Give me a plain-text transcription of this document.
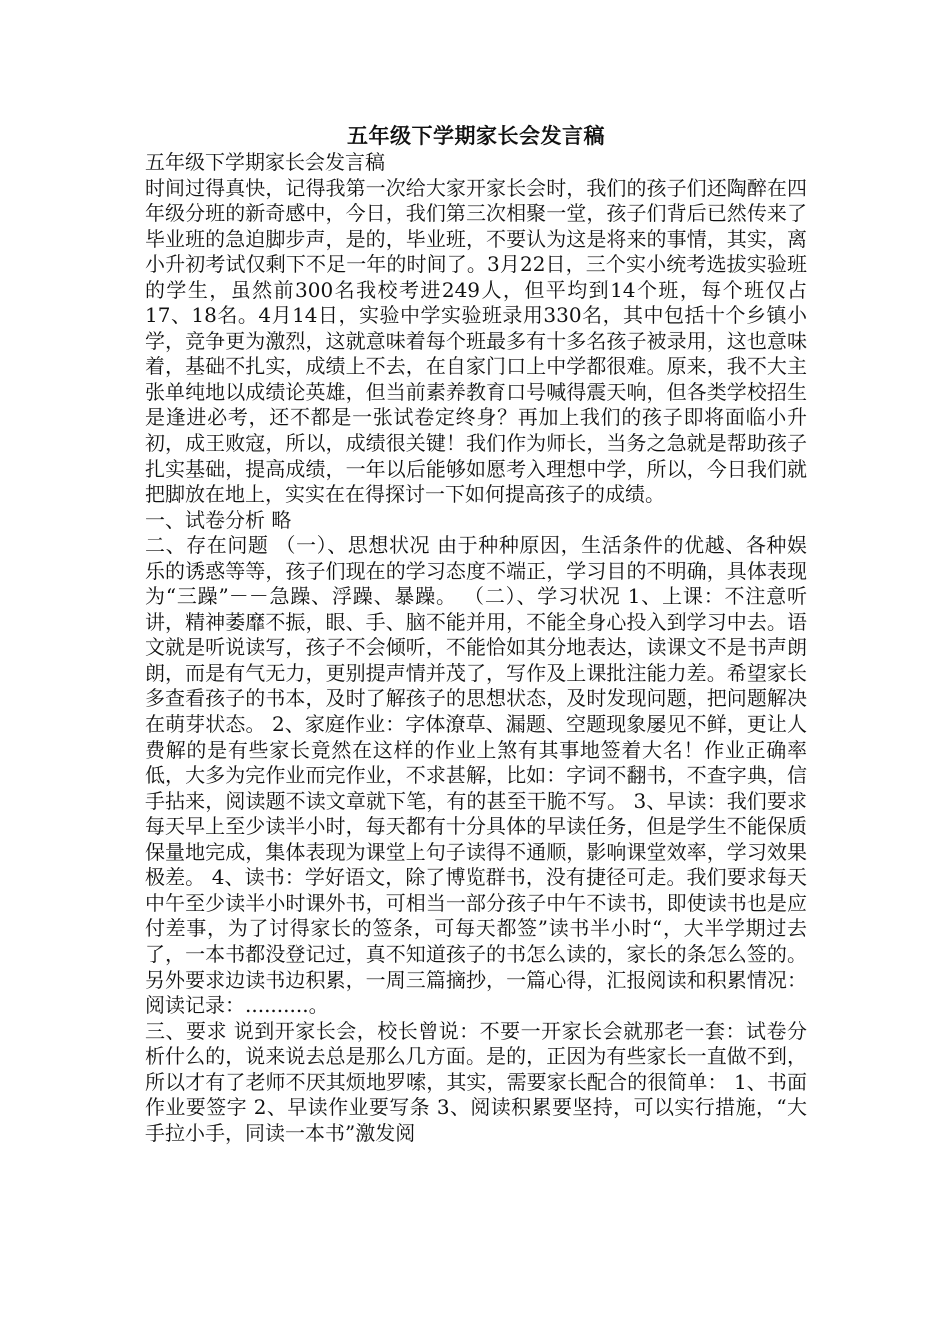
五年级下学期家长会发言稿

五年级下学期家长会发言稿

时间过得真快，记得我第一次给大家开家长会时，我们的孩子们还陶醉在四年级分班的新奇感中，今日，我们第三次相聚一堂，孩子们背后已然传来了毕业班的急迫脚步声，是的，毕业班，不要认为这是将来的事情，其实，离小升初考试仅剩下不足一年的时间了。3月22日，三个实小统考选拔实验班的学生，虽然前300名我校考进249人，但平均到14个班，每个班仅占17、18名。4月14日，实验中学实验班录用330名，其中包括十个乡镇小学，竞争更为激烈，这就意味着每个班最多有十多名孩子被录用，这也意味着，基础不扎实，成绩上不去，在自家门口上中学都很难。原来，我不大主张单纯地以成绩论英雄，但当前素养教育口号喊得震天响，但各类学校招生是逢进必考，还不都是一张试卷定终身？再加上我们的孩子即将面临小升初，成王败寇，所以，成绩很关键！我们作为师长，当务之急就是帮助孩子扎实基础，提高成绩，一年以后能够如愿考入理想中学，所以，今日我们就把脚放在地上，实实在在得探讨一下如何提高孩子的成绩。

一、试卷分析 略

二、存在问题 （一）、思想状况 由于种种原因，生活条件的优越、各种娱乐的诱惑等等，孩子们现在的学习态度不端正，学习目的不明确，具体表现为“三躁”－－急躁、浮躁、暴躁。 （二）、学习状况 1、上课：不注意听讲，精神萎靡不振，眼、手、脑不能并用，不能全身心投入到学习中去。语文就是听说读写，孩子不会倾听，不能恰如其分地表达，读课文不是书声朗朗，而是有气无力，更别提声情并茂了，写作及上课批注能力差。希望家长多查看孩子的书本，及时了解孩子的思想状态，及时发现问题，把问题解决在萌芽状态。 2、家庭作业：字体潦草、漏题、空题现象屡见不鲜，更让人费解的是有些家长竟然在这样的作业上煞有其事地签着大名！作业正确率低，大多为完作业而完作业，不求甚解，比如：字词不翻书，不查字典，信手拈来，阅读题不读文章就下笔，有的甚至干脆不写。 3、早读：我们要求每天早上至少读半小时，每天都有十分具体的早读任务，但是学生不能保质保量地完成，集体表现为课堂上句子读得不通顺，影响课堂效率，学习效果极差。 4、读书：学好语文，除了博览群书，没有捷径可走。我们要求每天中午至少读半小时课外书，可相当一部分孩子中午不读书，即使读书也是应付差事，为了讨得家长的签条，可每天都签”读书半小时“，大半学期过去了，一本书都没登记过，真不知道孩子的书怎么读的，家长的条怎么签的。另外要求边读书边积累，一周三篇摘抄，一篇心得，汇报阅读和积累情况：阅读记录：..........。

三、要求 说到开家长会，校长曾说：不要一开家长会就那老一套：试卷分析什么的，说来说去总是那么几方面。是的，正因为有些家长一直做不到，所以才有了老师不厌其烦地罗嗦，其实，需要家长配合的很简单： 1、书面作业要签字 2、早读作业要写条 3、阅读积累要坚持，可以实行措施，“大手拉小手，同读一本书”激发阅
